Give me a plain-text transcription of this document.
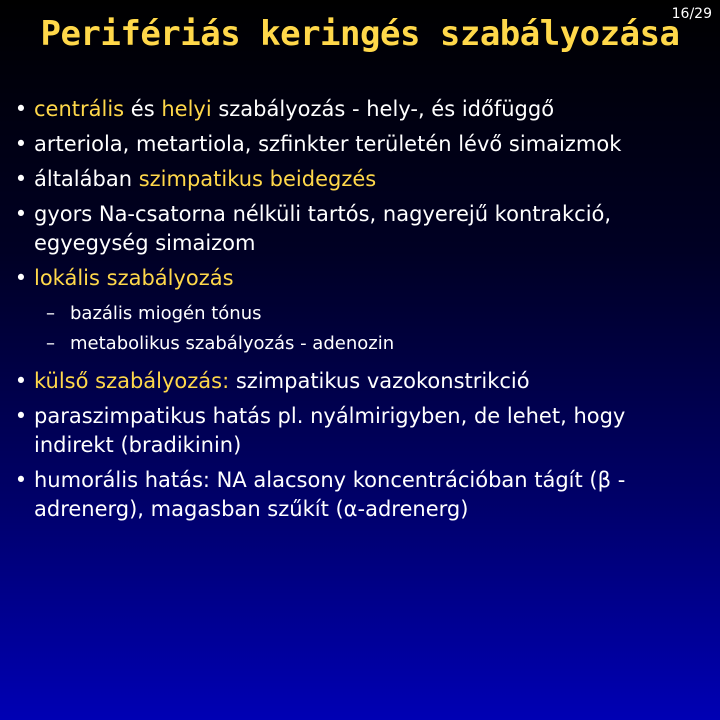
16/29
Perifériás keringés szabályozása
• centrális és helyi szabályozás - hely-, és időfüggő
• arteriola, metartiola, szfinkter területén lévő simaizmok
• általában szimpatikus beidegzés
• gyors Na-csatorna nélküli tartós, nagyerejű kontrakció, egyegység simaizom
• lokális szabályozás
– bazális miogén tónus
– metabolikus szabályozás - adenozin
• külső szabályozás: szimpatikus vazokonstrikció
• paraszimpatikus hatás pl. nyálmirigyben, de lehet, hogy indirekt (bradikinin)
• humorális hatás: NA alacsony koncentrációban tágít (β -adrenerg), magasban szűkít (α-adrenerg)
